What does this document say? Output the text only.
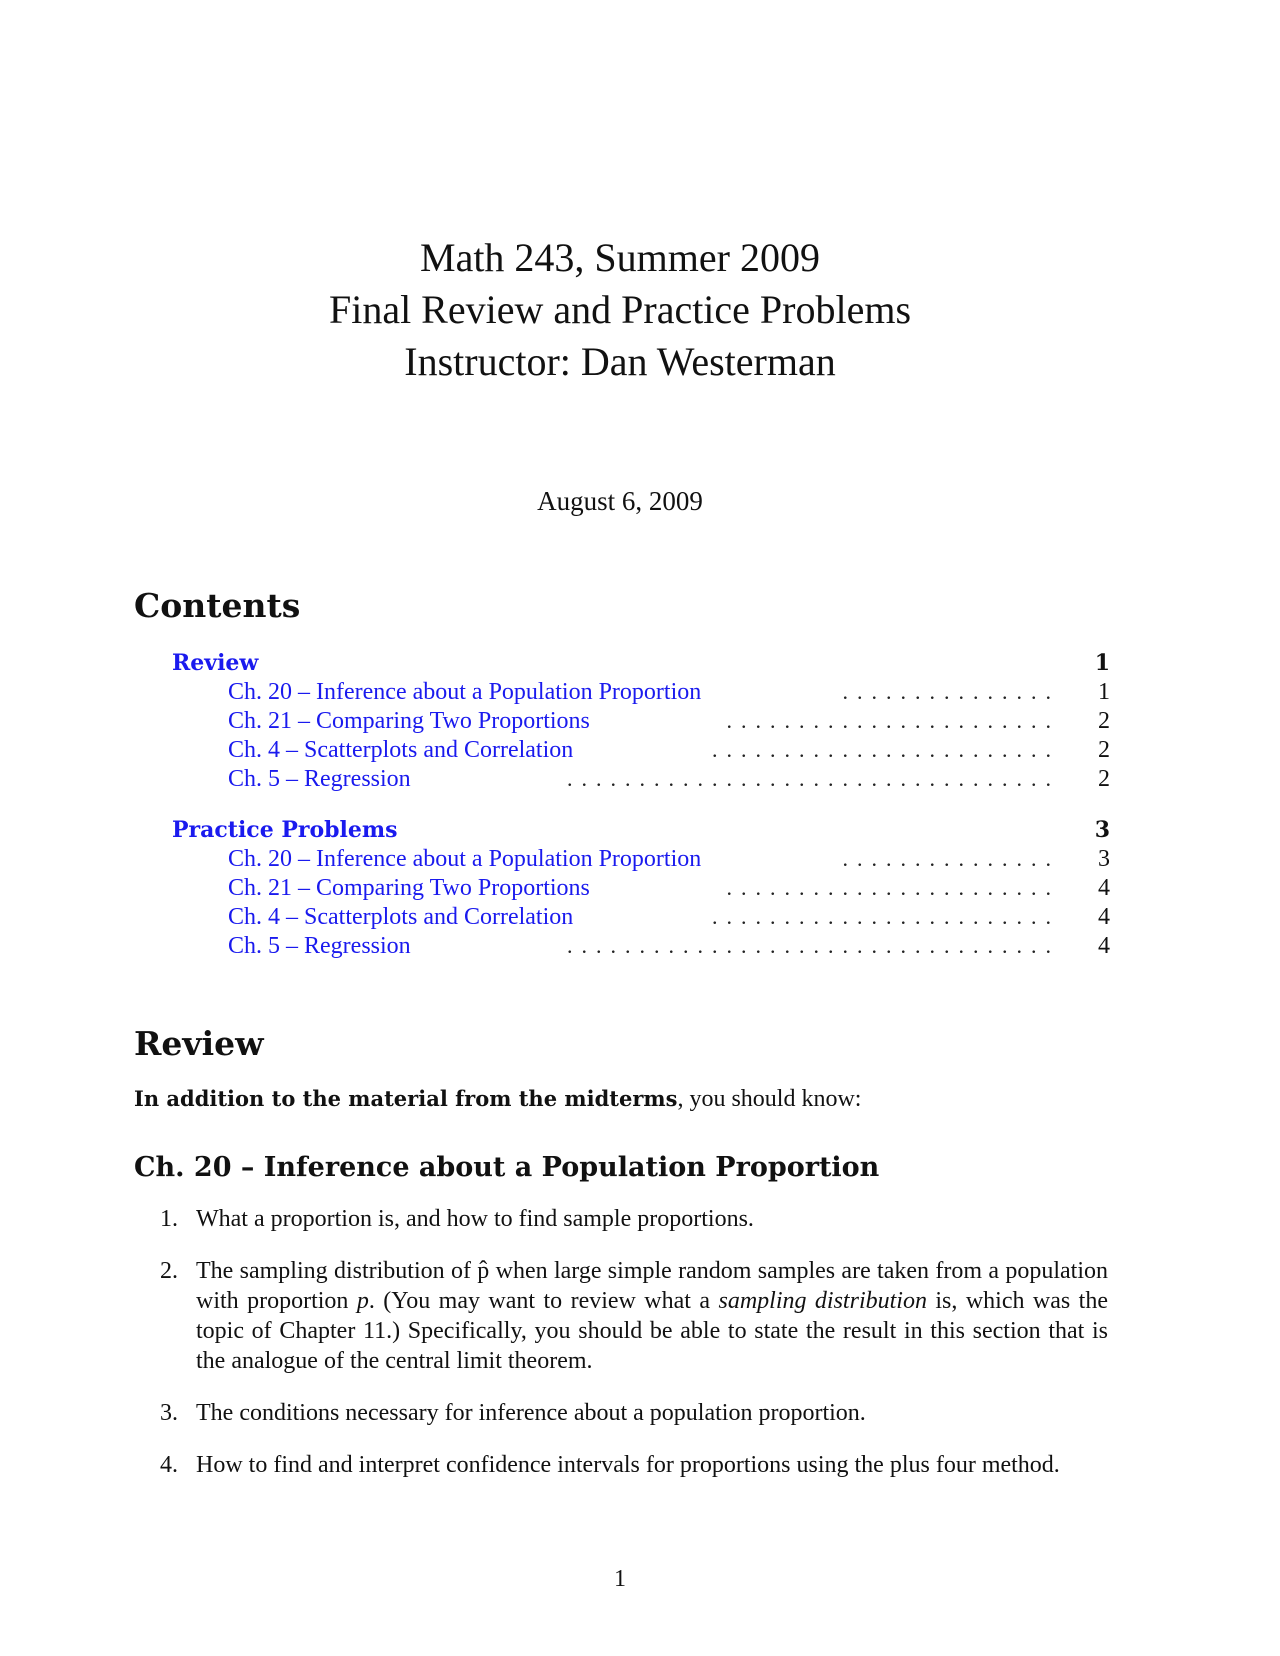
Math 243, Summer 2009
Final Review and Practice Problems
Instructor: Dan Westerman
August 6, 2009
Contents
Review	1
Ch. 20 – Inference about a Population Proportion	............... 1
Ch. 21 – Comparing Two Proportions	....................... 2
Ch. 4 – Scatterplots and Correlation	........................ 2
Ch. 5 – Regression	.................................. 2
Practice Problems	3
Ch. 20 – Inference about a Population Proportion	............... 3
Ch. 21 – Comparing Two Proportions	....................... 4
Ch. 4 – Scatterplots and Correlation	........................ 4
Ch. 5 – Regression	.................................. 4
Review
In addition to the material from the midterms, you should know:
Ch. 20 – Inference about a Population Proportion
1. What a proportion is, and how to find sample proportions.
2. The sampling distribution of p̂ when large simple random samples are taken from a population with proportion p. (You may want to review what a sampling distribution is, which was the topic of Chapter 11.) Specifically, you should be able to state the result in this section that is the analogue of the central limit theorem.
3. The conditions necessary for inference about a population proportion.
4. How to find and interpret confidence intervals for proportions using the plus four method.
1
